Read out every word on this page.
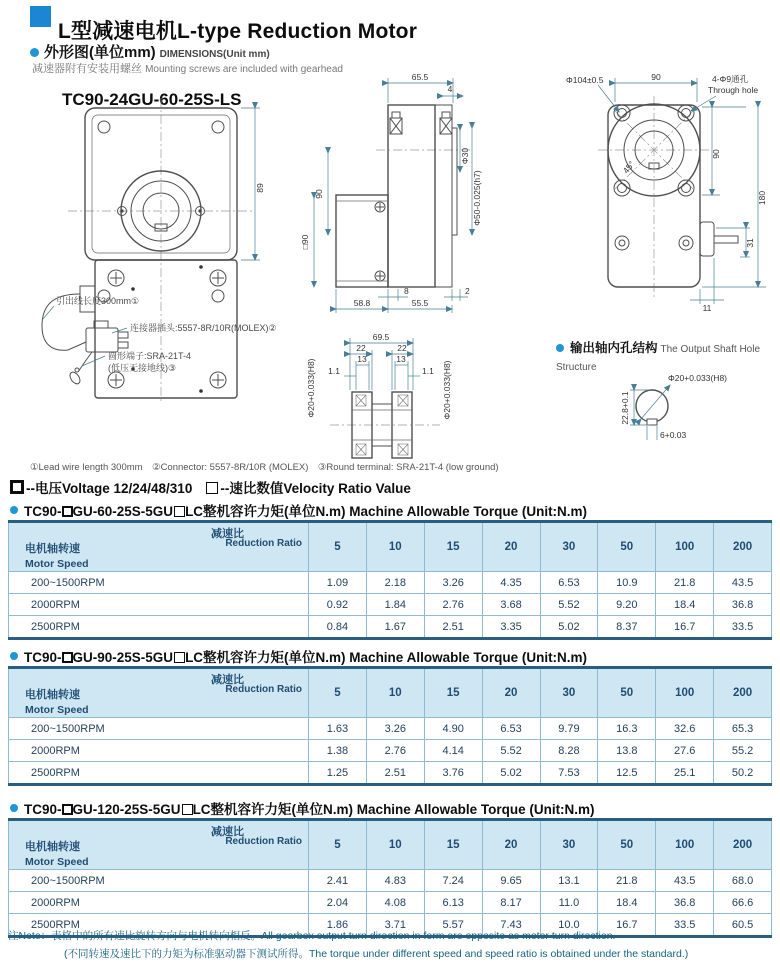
L型减速电机L-type Reduction Motor
外形图(单位mm) DIMENSIONS(Unit mm)
减速器附有安装用螺丝 Mounting screws are included with gearhead
TC90-24GU-60-25S-LS
89
引出线长度300mm①
连接器插头:5557-8R/10R(MOLEX)②
圆形端子:SRA-21T-4
(低压无接地线)③
65.5
4
Φ30
Φ50-0.025(h7)
90
□90
8	2
58.8	55.5
45°
Φ104±0.5	90	4-Φ9通孔
Through hole
90
180
31
11
69.5
22	22
13	13
1.1	1.1
Φ20+0.033(H8)	Φ20+0.033(H8)	Φ20+0.033(H8)
22.8+0.1
6+0.03
输出轴内孔结构 The Output Shaft Hole Structure
①Lead wire length 300mm　②Connector: 5557-8R/10R (MOLEX)　③Round terminal: SRA-21T-4 (low ground)
--电压Voltage 12/24/48/310 --速比数值Velocity Ratio Value
TC90- GU-60-25S-5GU LC整机容许力矩(单位N.m) Machine Allowable Torque (Unit:N.m)
减速比
Reduction Ratio
电机轴转速
Motor Speed	5	10	15	20	30	50	100	200
200~1500RPM	1.09	2.18	3.26	4.35	6.53	10.9	21.8	43.5
2000RPM	0.92	1.84	2.76	3.68	5.52	9.20	18.4	36.8
2500RPM	0.84	1.67	2.51	3.35	5.02	8.37	16.7	33.5
TC90- GU-90-25S-5GU LC整机容许力矩(单位N.m) Machine Allowable Torque (Unit:N.m)
减速比
Reduction Ratio
电机轴转速
Motor Speed	5	10	15	20	30	50	100	200
200~1500RPM	1.63	3.26	4.90	6.53	9.79	16.3	32.6	65.3
2000RPM	1.38	2.76	4.14	5.52	8.28	13.8	27.6	55.2
2500RPM	1.25	2.51	3.76	5.02	7.53	12.5	25.1	50.2
TC90- GU-120-25S-5GU LC整机容许力矩(单位N.m) Machine Allowable Torque (Unit:N.m)
减速比
Reduction Ratio
电机轴转速
Motor Speed	5	10	15	20	30	50	100	200
200~1500RPM	2.41	4.83	7.24	9.65	13.1	21.8	43.5	68.0
2000RPM	2.04	4.08	6.13	8.17	11.0	18.4	36.8	66.6
2500RPM	1.86	3.71	5.57	7.43	10.0	16.7	33.5	60.5
注Note：表格中的所有速比旋转方向与电机转向相反。All gearbox output turn direction in form are opposite as motor turn direction.
(不同转速及速比下的力矩为标准驱动器下测试所得。The torque under different speed and speed ratio is obtained under the standard.)
